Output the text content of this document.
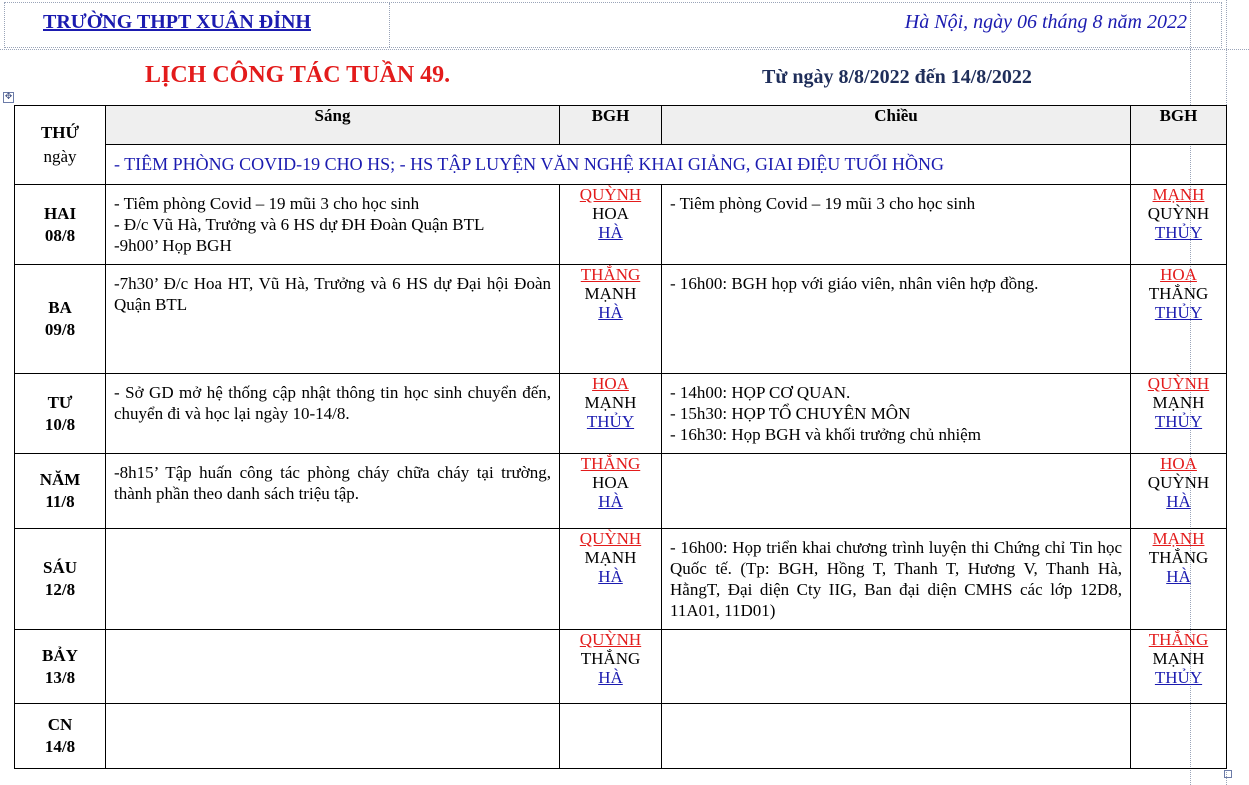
TRƯỜNG THPT XUÂN ĐỈNH	Hà Nội, ngày 06 tháng 8 năm 2022
LỊCH CÔNG TÁC TUẦN 49.	Từ ngày 8/8/2022 đến 14/8/2022
✥
THỨ
ngày	Sáng	BGH	Chiều	BGH
	- TIÊM PHÒNG COVID-19 CHO HS; - HS TẬP LUYỆN VĂN NGHỆ KHAI GIẢNG, GIAI ĐIỆU TUỔI HỒNG			

HAI
08/8	- Tiêm phòng Covid – 19 mũi 3 cho học sinh
- Đ/c Vũ Hà, Trưởng và 6 HS dự ĐH Đoàn Quận BTL
-9h00’ Họp BGH	QUỲNH
HOA
HÀ	- Tiêm phòng Covid – 19 mũi 3 cho học sinh	MẠNH
QUỲNH
THỦY

BA
09/8	-7h30’ Đ/c Hoa HT, Vũ Hà, Trưởng và 6 HS dự Đại hội Đoàn Quận BTL	THẮNG
MẠNH
HÀ	- 16h00: BGH họp với giáo viên, nhân viên hợp đồng.	HOA
THẮNG
THỦY

TƯ
10/8	- Sở GD mở hệ thống cập nhật thông tin học sinh chuyển đến, chuyển đi và học lại ngày 10-14/8.	HOA
MẠNH
THỦY	- 14h00: HỌP CƠ QUAN.
- 15h30: HỌP TỔ CHUYÊN MÔN
- 16h30: Họp BGH và khối trưởng chủ nhiệm	QUỲNH
MẠNH
THỦY

NĂM
11/8	-8h15’ Tập huấn công tác phòng cháy chữa cháy tại trường, thành phần theo danh sách triệu tập.	THẮNG
HOA
HÀ		HOA
QUỲNH
HÀ

SÁU
12/8		QUỲNH
MẠNH
HÀ	- 16h00: Họp triển khai chương trình luyện thi Chứng chỉ Tin học Quốc tế. (Tp: BGH, Hồng T, Thanh T, Hương V, Thanh Hà, HằngT, Đại diện Cty IIG, Ban đại diện CMHS các lớp 12D8, 11A01, 11D01)	MẠNH
THẮNG
HÀ

BẢY
13/8		QUỲNH
THẮNG
HÀ		THẮNG
MẠNH
THỦY

CN
14/8				
